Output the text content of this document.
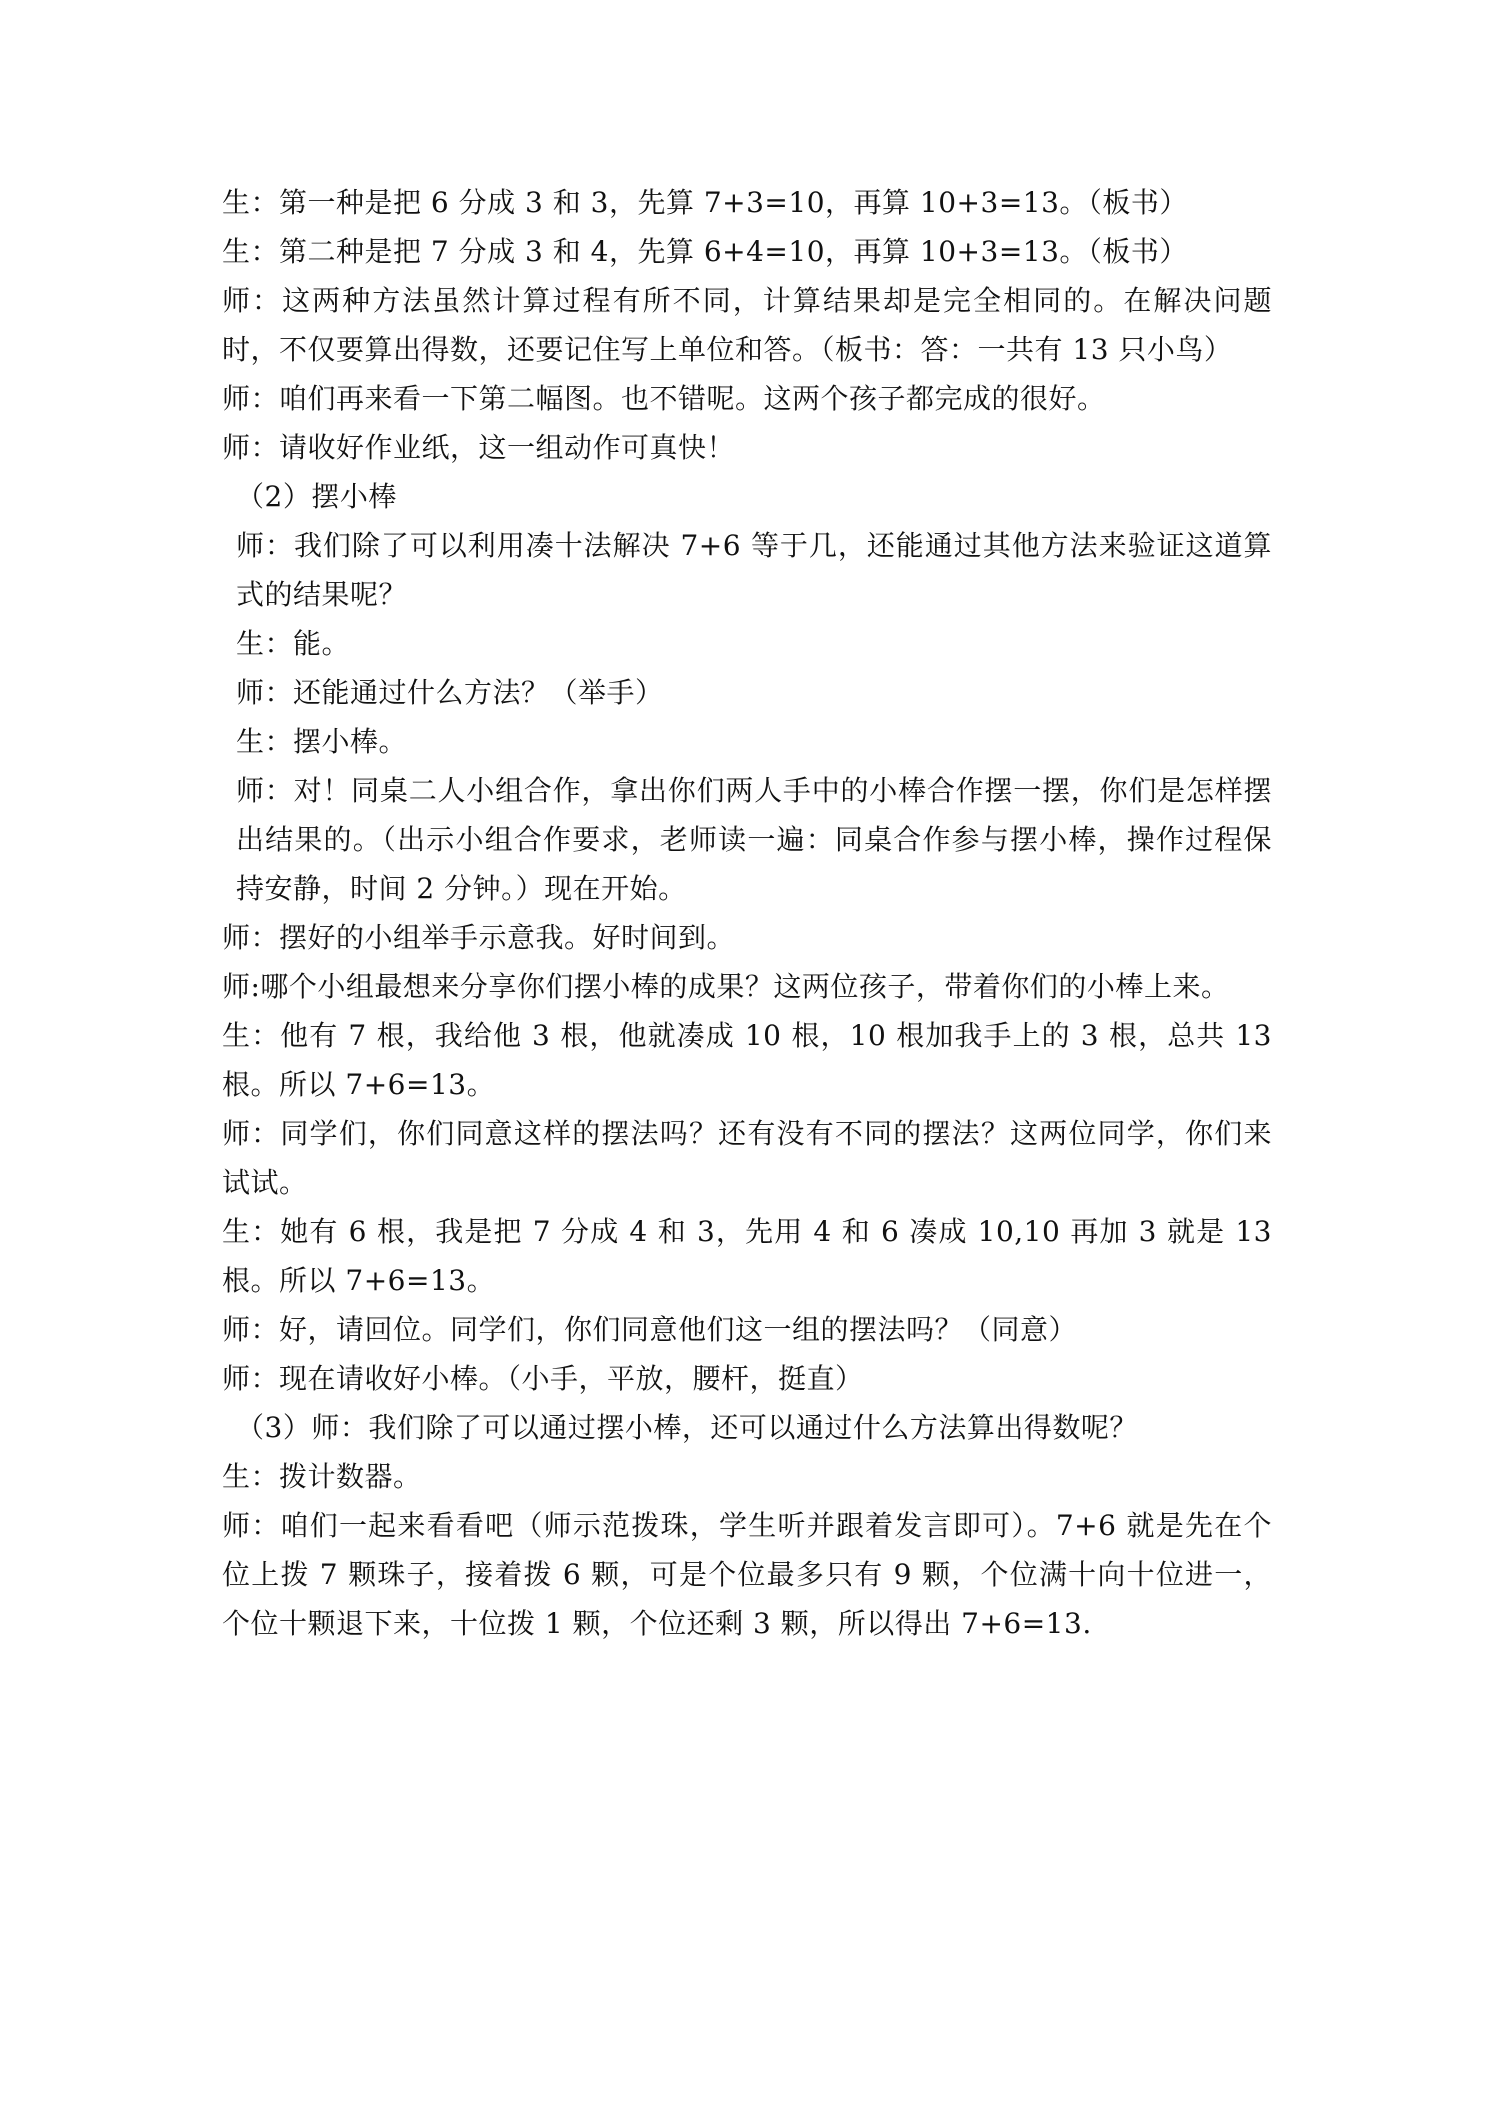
生：第一种是把 6 分成 3 和 3，先算 7+3=10，再算 10+3=13。（板书）

生：第二种是把 7 分成 3 和 4，先算 6+4=10，再算 10+3=13。（板书）

师：这两种方法虽然计算过程有所不同，计算结果却是完全相同的。在解决问题时，不仅要算出得数，还要记住写上单位和答。（板书：答：一共有 13 只小鸟）

师：咱们再来看一下第二幅图。也不错呢。这两个孩子都完成的很好。

师：请收好作业纸，这一组动作可真快！

（2）摆小棒

师：我们除了可以利用凑十法解决 7+6 等于几，还能通过其他方法来验证这道算式的结果呢？

生：能。

师：还能通过什么方法？（举手）

生：摆小棒。

师：对！同桌二人小组合作，拿出你们两人手中的小棒合作摆一摆，你们是怎样摆出结果的。（出示小组合作要求，老师读一遍：同桌合作参与摆小棒，操作过程保持安静，时间 2 分钟。）现在开始。

师：摆好的小组举手示意我。好时间到。

师:哪个小组最想来分享你们摆小棒的成果？这两位孩子，带着你们的小棒上来。

生：他有 7 根，我给他 3 根，他就凑成 10 根，10 根加我手上的 3 根，总共 13 根。所以 7+6=13。

师：同学们，你们同意这样的摆法吗？还有没有不同的摆法？这两位同学，你们来试试。

生：她有 6 根，我是把 7 分成 4 和 3，先用 4 和 6 凑成 10,10 再加 3 就是 13 根。所以 7+6=13。

师：好，请回位。同学们，你们同意他们这一组的摆法吗？（同意）

师：现在请收好小棒。（小手，平放，腰杆，挺直）

（3）师：我们除了可以通过摆小棒，还可以通过什么方法算出得数呢？

生：拨计数器。

师：咱们一起来看看吧（师示范拨珠，学生听并跟着发言即可）。7+6 就是先在个位上拨 7 颗珠子，接着拨 6 颗，可是个位最多只有 9 颗，个位满十向十位进一，个位十颗退下来，十位拨 1 颗，个位还剩 3 颗，所以得出 7+6=13.
